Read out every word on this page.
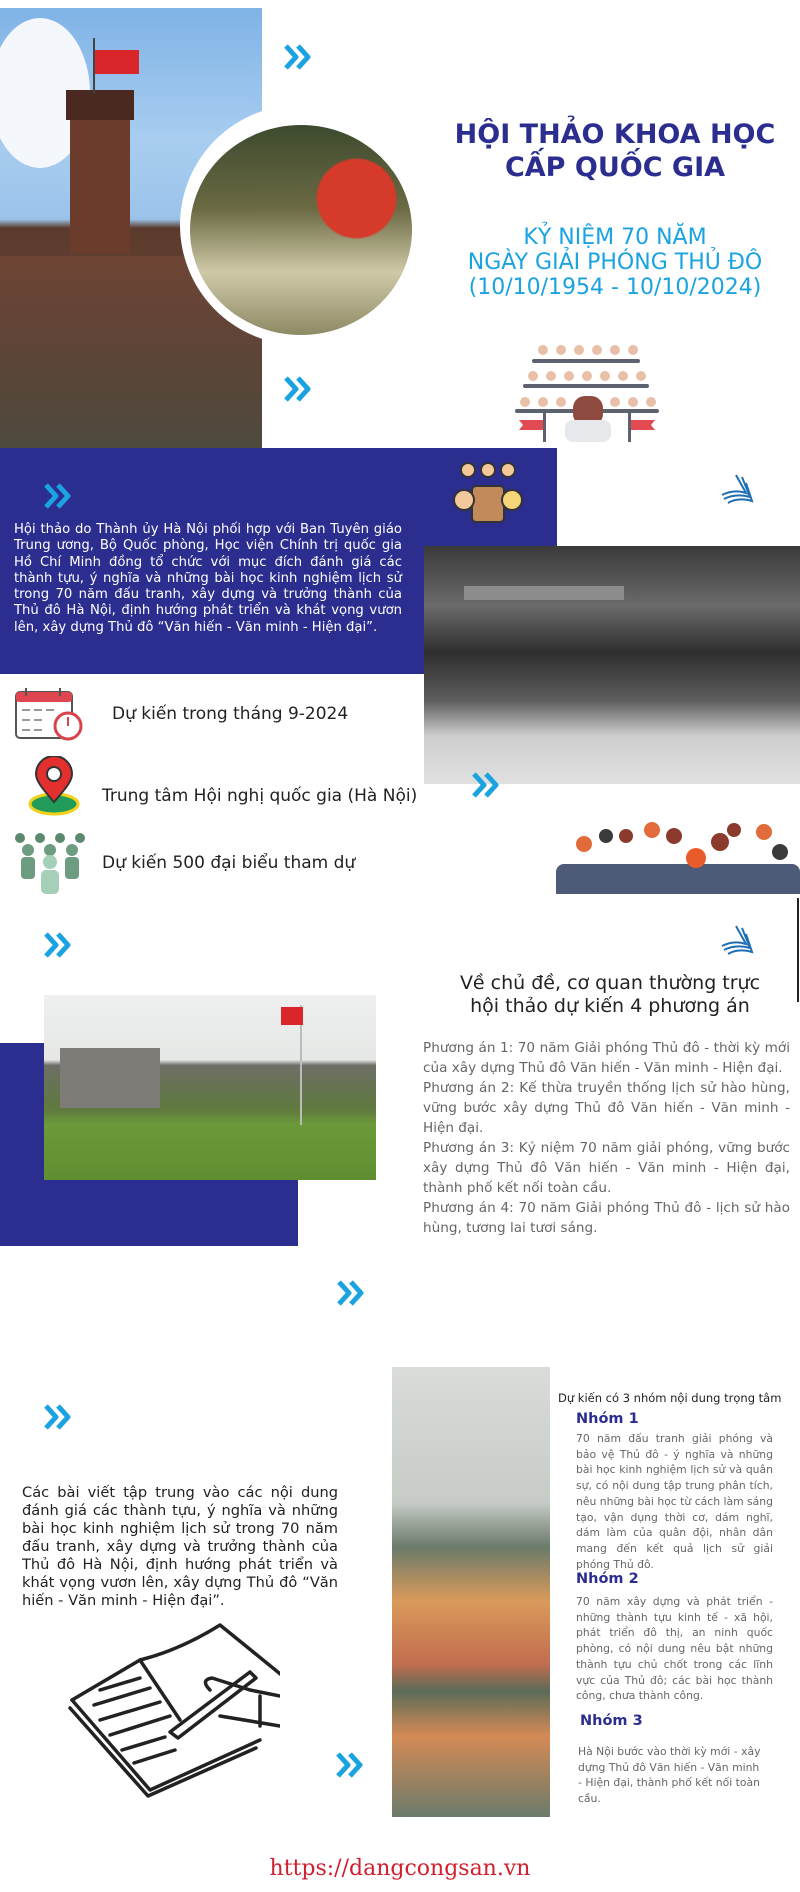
HỘI THẢO KHOA HỌC
CẤP QUỐC GIA
KỶ NIỆM 70 NĂM
NGÀY GIẢI PHÓNG THỦ ĐÔ
(10/10/1954 - 10/10/2024)
Hội thảo do Thành ủy Hà Nội phối hợp với Ban Tuyên giáo Trung ương, Bộ Quốc phòng, Học viện Chính trị quốc gia Hồ Chí Minh đồng tổ chức với mục đích đánh giá các thành tựu, ý nghĩa và những bài học kinh nghiệm lịch sử trong 70 năm đấu tranh, xây dựng và trưởng thành của Thủ đô Hà Nội, định hướng phát triển và khát vọng vươn lên, xây dựng Thủ đô “Văn hiến - Văn minh - Hiện đại”.
Dự kiến trong tháng 9-2024
Trung tâm Hội nghị quốc gia (Hà Nội)
Dự kiến 500 đại biểu tham dự
Về chủ đề, cơ quan thường trực
hội thảo dự kiến 4 phương án
Phương án 1: 70 năm Giải phóng Thủ đô - thời kỳ mới của xây dựng Thủ đô Văn hiến - Văn minh - Hiện đại.
Phương án 2: Kế thừa truyền thống lịch sử hào hùng, vững bước xây dựng Thủ đô Văn hiến - Văn minh - Hiện đại.
Phương án 3: Kỷ niệm 70 năm giải phóng, vững bước xây dựng Thủ đô Văn hiến - Văn minh - Hiện đại, thành phố kết nối toàn cầu.
Phương án 4: 70 năm Giải phóng Thủ đô - lịch sử hào hùng, tương lai tươi sáng.
Các bài viết tập trung vào các nội dung đánh giá các thành tựu, ý nghĩa và những bài học kinh nghiệm lịch sử trong 70 năm đấu tranh, xây dựng và trưởng thành của Thủ đô Hà Nội, định hướng phát triển và khát vọng vươn lên, xây dựng Thủ đô “Văn hiến - Văn minh - Hiện đại”.
Dự kiến có 3 nhóm nội dung trọng tâm
Nhóm 1
70 năm đấu tranh giải phóng và bảo vệ Thủ đô - ý nghĩa và những bài học kinh nghiệm lịch sử và quân sự, có nội dung tập trung phân tích, nêu những bài học từ cách làm sáng tạo, vận dụng thời cơ, dám nghĩ, dám làm của quân đội, nhân dân mang đến kết quả lịch sử giải phóng Thủ đô.
Nhóm 2
70 năm xây dựng và phát triển - những thành tựu kinh tế - xã hội, phát triển đô thị, an ninh quốc phòng, có nội dung nêu bật những thành tựu chủ chốt trong các lĩnh vực của Thủ đô; các bài học thành công, chưa thành công.
Nhóm 3
Hà Nội bước vào thời kỳ mới - xây dựng Thủ đô Văn hiến - Văn minh - Hiện đại, thành phố kết nối toàn cầu.
https://dangcongsan.vn
